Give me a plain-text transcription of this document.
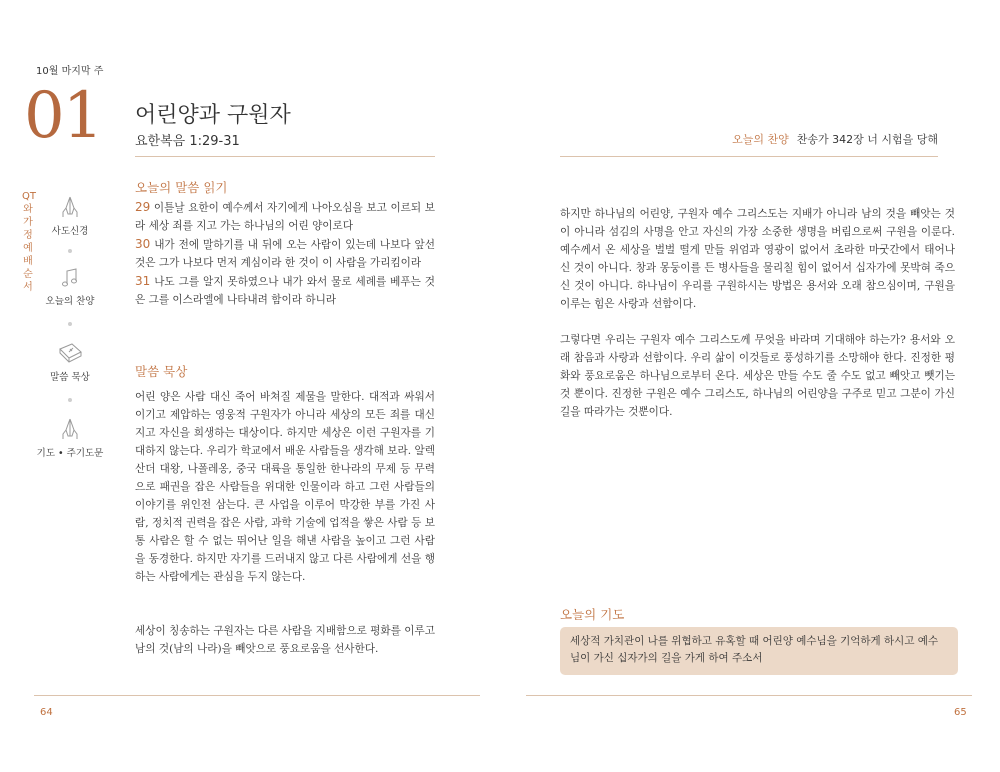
10월 마지막 주
01 어린양과 구원자
요한복음 1:29-31	오늘의 찬양 찬송가 342장 너 시험을 당해
QT와 가정예배 순서
사도신경
오늘의 찬양
말씀 묵상
기도 • 주기도문
오늘의 말씀 읽기
29 이튿날 요한이 예수께서 자기에게 나아오심을 보고 이르되 보라 세상 죄를 지고 가는 하나님의 어린 양이로다
30 내가 전에 말하기를 내 뒤에 오는 사람이 있는데 나보다 앞선 것은 그가 나보다 먼저 계심이라 한 것이 이 사람을 가리킴이라
31 나도 그를 알지 못하였으나 내가 와서 물로 세례를 베푸는 것은 그를 이스라엘에 나타내려 함이라 하니라
말씀 묵상
어린 양은 사람 대신 죽어 바쳐질 제물을 말한다. 대적과 싸워서 이기고 제압하는 영웅적 구원자가 아니라 세상의 모든 죄를 대신 지고 자신을 희생하는 대상이다. 하지만 세상은 이런 구원자를 기대하지 않는다. 우리가 학교에서 배운 사람들을 생각해 보라. 알렉산더 대왕, 나폴레옹, 중국 대륙을 통일한 한나라의 무제 등 무력으로 패권을 잡은 사람들을 위대한 인물이라 하고 그런 사람들의 이야기를 위인전 삼는다. 큰 사업을 이루어 막강한 부를 가진 사람, 정치적 권력을 잡은 사람, 과학 기술에 업적을 쌓은 사람 등 보통 사람은 할 수 없는 뛰어난 일을 해낸 사람을 높이고 그런 사람을 동경한다. 하지만 자기를 드러내지 않고 다른 사람에게 선을 행하는 사람에게는 관심을 두지 않는다.
세상이 칭송하는 구원자는 다른 사람을 지배함으로 평화를 이루고 남의 것(남의 나라)을 빼앗으로 풍요로움을 선사한다.
하지만 하나님의 어린양, 구원자 예수 그리스도는 지배가 아니라 남의 것을 빼앗는 것이 아니라 섬김의 사명을 안고 자신의 가장 소중한 생명을 버림으로써 구원을 이룬다. 예수께서 온 세상을 벌벌 떨게 만들 위엄과 영광이 없어서 초라한 마굿간에서 태어나신 것이 아니다. 창과 몽둥이를 든 병사들을 물리칠 힘이 없어서 십자가에 못박혀 죽으신 것이 아니다. 하나님이 우리를 구원하시는 방법은 용서와 오래 참으심이며, 구원을 이루는 힘은 사랑과 선함이다.
그렇다면 우리는 구원자 예수 그리스도께 무엇을 바라며 기대해야 하는가? 용서와 오래 참음과 사랑과 선함이다. 우리 삶이 이것들로 풍성하기를 소망해야 한다. 진정한 평화와 풍요로움은 하나님으로부터 온다. 세상은 만들 수도 줄 수도 없고 빼앗고 뺏기는 것 뿐이다. 진정한 구원은 예수 그리스도, 하나님의 어린양을 구주로 믿고 그분이 가신 길을 따라가는 것뿐이다.
오늘의 기도
세상적 가치관이 나를 위협하고 유혹할 때 어린양 예수님을 기억하게 하시고 예수님이 가신 십자가의 길을 가게 하여 주소서
64	65
